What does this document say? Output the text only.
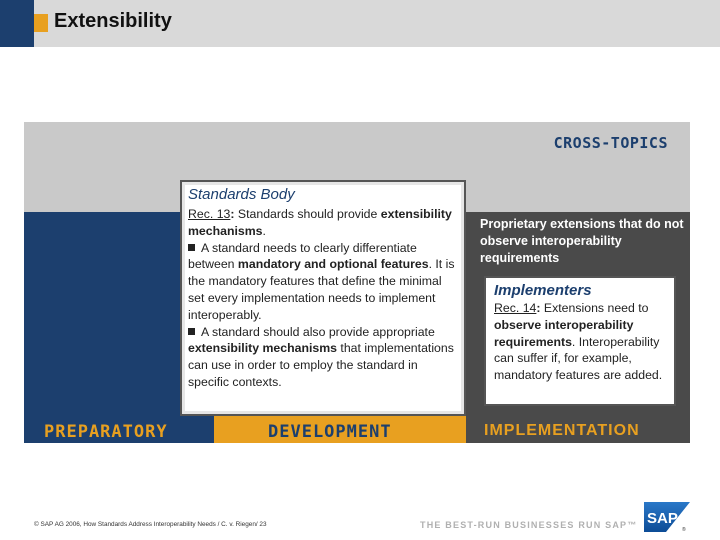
Extensibility
CROSS-TOPICS
PREPARATORY	DEVELOPMENT	IMPLEMENTATION
Standards Body

Rec. 13: Standards should provide extensibility mechanisms.

A standard needs to clearly differentiate between mandatory and optional features. It is the mandatory features that define the minimal set every implementation needs to implement interoperably.

A standard should also provide appropriate extensibility mechanisms that implementations can use in order to employ the standard in specific contexts.

Proprietary extensions that do not observe interoperability requirements
Implementers
Rec. 14: Extensions need to observe interoperability requirements. Interoperability can suffer if, for example, mandatory features are added.
© SAP AG 2006, How Standards Address Interoperability Needs / C. v. Riegen/ 23	THE BEST-RUN BUSINESSES RUN SAP™ SAP
®
